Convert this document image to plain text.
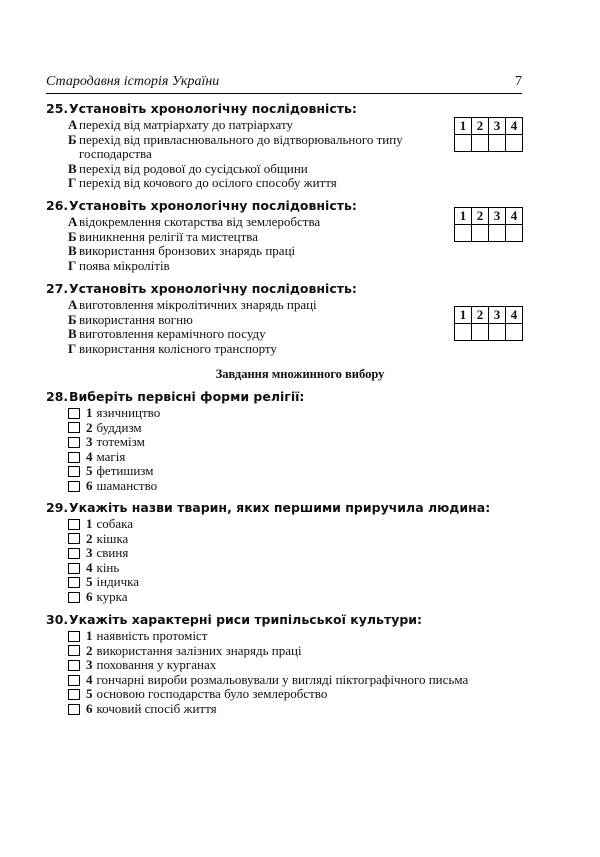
Стародавня історія України	7
25.Установіть хронологічну послідовність:
А перехід від матріархату до патріархату
Б перехід від привласнювального до відтворювального типу господарства
В перехід від родової до сусідської общини
Г перехід від кочового до осілого способу життя
1	2	3	4

26.Установіть хронологічну послідовність:
А відокремлення скотарства від землеробства
Б виникнення релігії та мистецтва
В використання бронзових знарядь праці
Г поява мікролітів
1	2	3	4

27.Установіть хронологічну послідовність:
А виготовлення мікролітичних знарядь праці
Б використання вогню
В виготовлення керамічного посуду
Г використання колісного транспорту
1	2	3	4

Завдання множинного вибору
28.Виберіть первісні форми релігії:
1 язичництво
2 буддизм
3 тотемізм
4 магія
5 фетишизм
6 шаманство
29.Укажіть назви тварин, яких першими приручила людина:
1 собака
2 кішка
3 свиня
4 кінь
5 індичка
6 курка
30.Укажіть характерні риси трипільської культури:
1 наявність протоміст
2 використання залізних знарядь праці
3 поховання у курганах
4 гончарні вироби розмальовували у вигляді піктографічного письма
5 основою господарства було землеробство
6 кочовий спосіб життя
